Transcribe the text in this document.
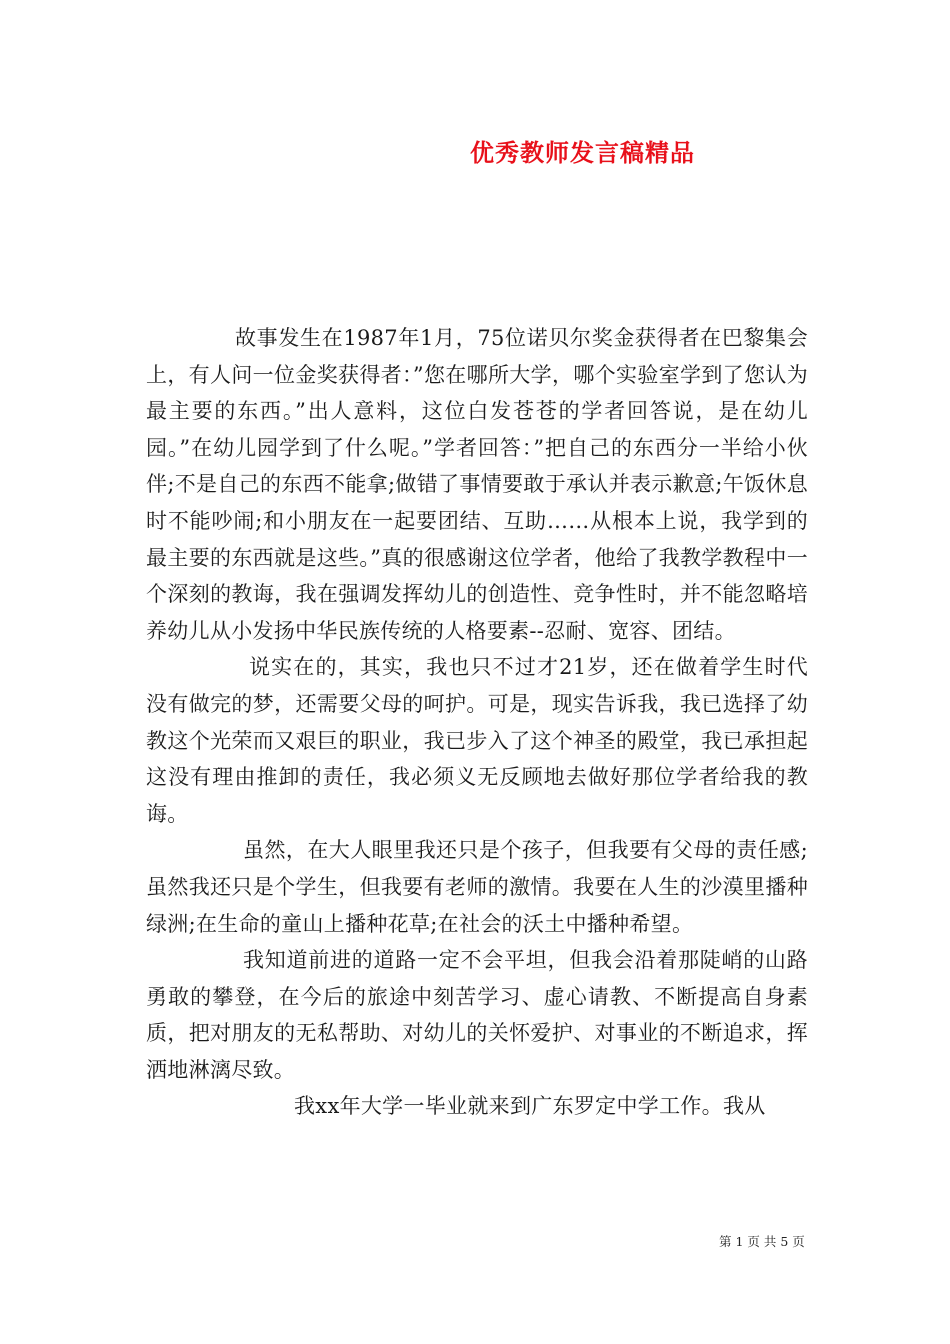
优秀教师发言稿精品

故事发生在1987年1月，75位诺贝尔奖金获得者在巴黎集会上，有人问一位金奖获得者：”您在哪所大学，哪个实验室学到了您认为最主要的东西。”出人意料，这位白发苍苍的学者回答说，是在幼儿园。”在幼儿园学到了什么呢。”学者回答：”把自己的东西分一半给小伙伴;不是自己的东西不能拿;做错了事情要敢于承认并表示歉意;午饭休息时不能吵闹;和小朋友在一起要团结、互助……从根本上说，我学到的最主要的东西就是这些。”真的很感谢这位学者，他给了我教学教程中一个深刻的教诲，我在强调发挥幼儿的创造性、竞争性时，并不能忽略培养幼儿从小发扬中华民族传统的人格要素--忍耐、宽容、团结。

说实在的，其实，我也只不过才21岁，还在做着学生时代没有做完的梦，还需要父母的呵护。可是，现实告诉我，我已选择了幼教这个光荣而又艰巨的职业，我已步入了这个神圣的殿堂，我已承担起这没有理由推卸的责任，我必须义无反顾地去做好那位学者给我的教诲。

虽然，在大人眼里我还只是个孩子，但我要有父母的责任感;虽然我还只是个学生，但我要有老师的激情。我要在人生的沙漠里播种绿洲;在生命的童山上播种花草;在社会的沃土中播种希望。

我知道前进的道路一定不会平坦，但我会沿着那陡峭的山路勇敢的攀登，在今后的旅途中刻苦学习、虚心请教、不断提高自身素质，把对朋友的无私帮助、对幼儿的关怀爱护、对事业的不断追求，挥洒地淋漓尽致。

我xx年大学一毕业就来到广东罗定中学工作。我从

第 1 页 共 5 页
